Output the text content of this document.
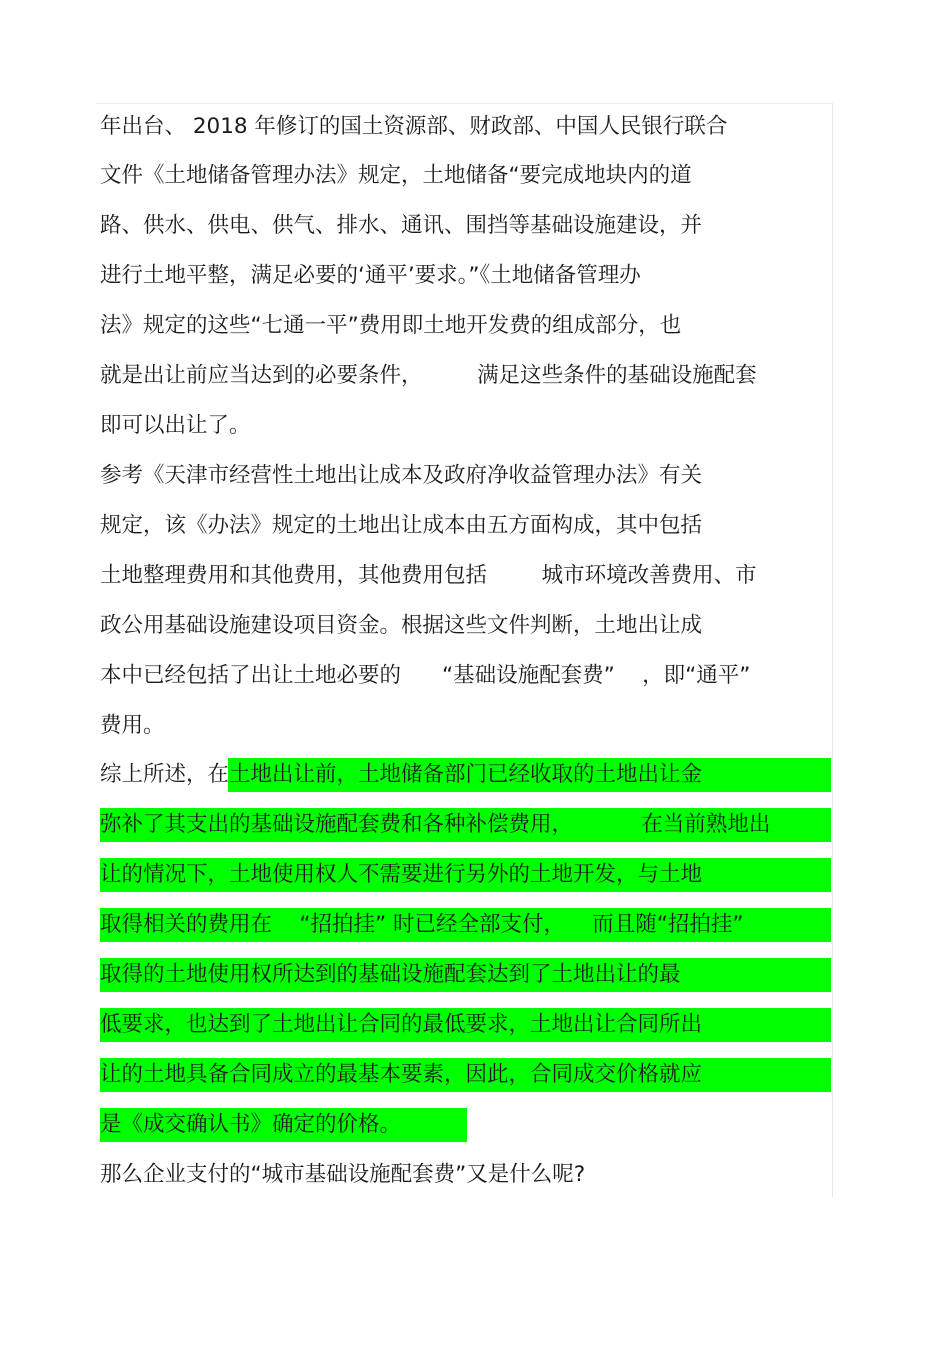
年出台、 2018 年修订的国土资源部、财政部、中国人民银行联合
文件《土地储备管理办法》规定，土地储备“要完成地块内的道
路、供水、供电、供气、排水、通讯、围挡等基础设施建设，并
进行土地平整，满足必要的‘通平’要求。”《土地储备管理办
法》规定的这些“七通一平”费用即土地开发费的组成部分，也
就是出让前应当达到的必要条件，        满足这些条件的基础设施配套
即可以出让了。
参考《天津市经营性土地出让成本及政府净收益管理办法》有关
规定，该《办法》规定的土地出让成本由五方面构成，其中包括
土地整理费用和其他费用，其他费用包括        城市环境改善费用、市
政公用基础设施建设项目资金。根据这些文件判断，土地出让成
本中已经包括了出让土地必要的      “基础设施配套费”    ，即“通平”
费用。
综上所述，在土地出让前，土地储备部门已经收取的土地出让金
弥补了其支出的基础设施配套费和各种补偿费用，          在当前熟地出
让的情况下，土地使用权人不需要进行另外的土地开发，与土地
取得相关的费用在    “招拍挂” 时已经全部支付，    而且随“招拍挂”
取得的土地使用权所达到的基础设施配套达到了土地出让的最
低要求，也达到了土地出让合同的最低要求，土地出让合同所出
让的土地具备合同成立的最基本要素，因此，合同成交价格就应
是《成交确认书》确定的价格。
那么企业支付的“城市基础设施配套费”又是什么呢?
